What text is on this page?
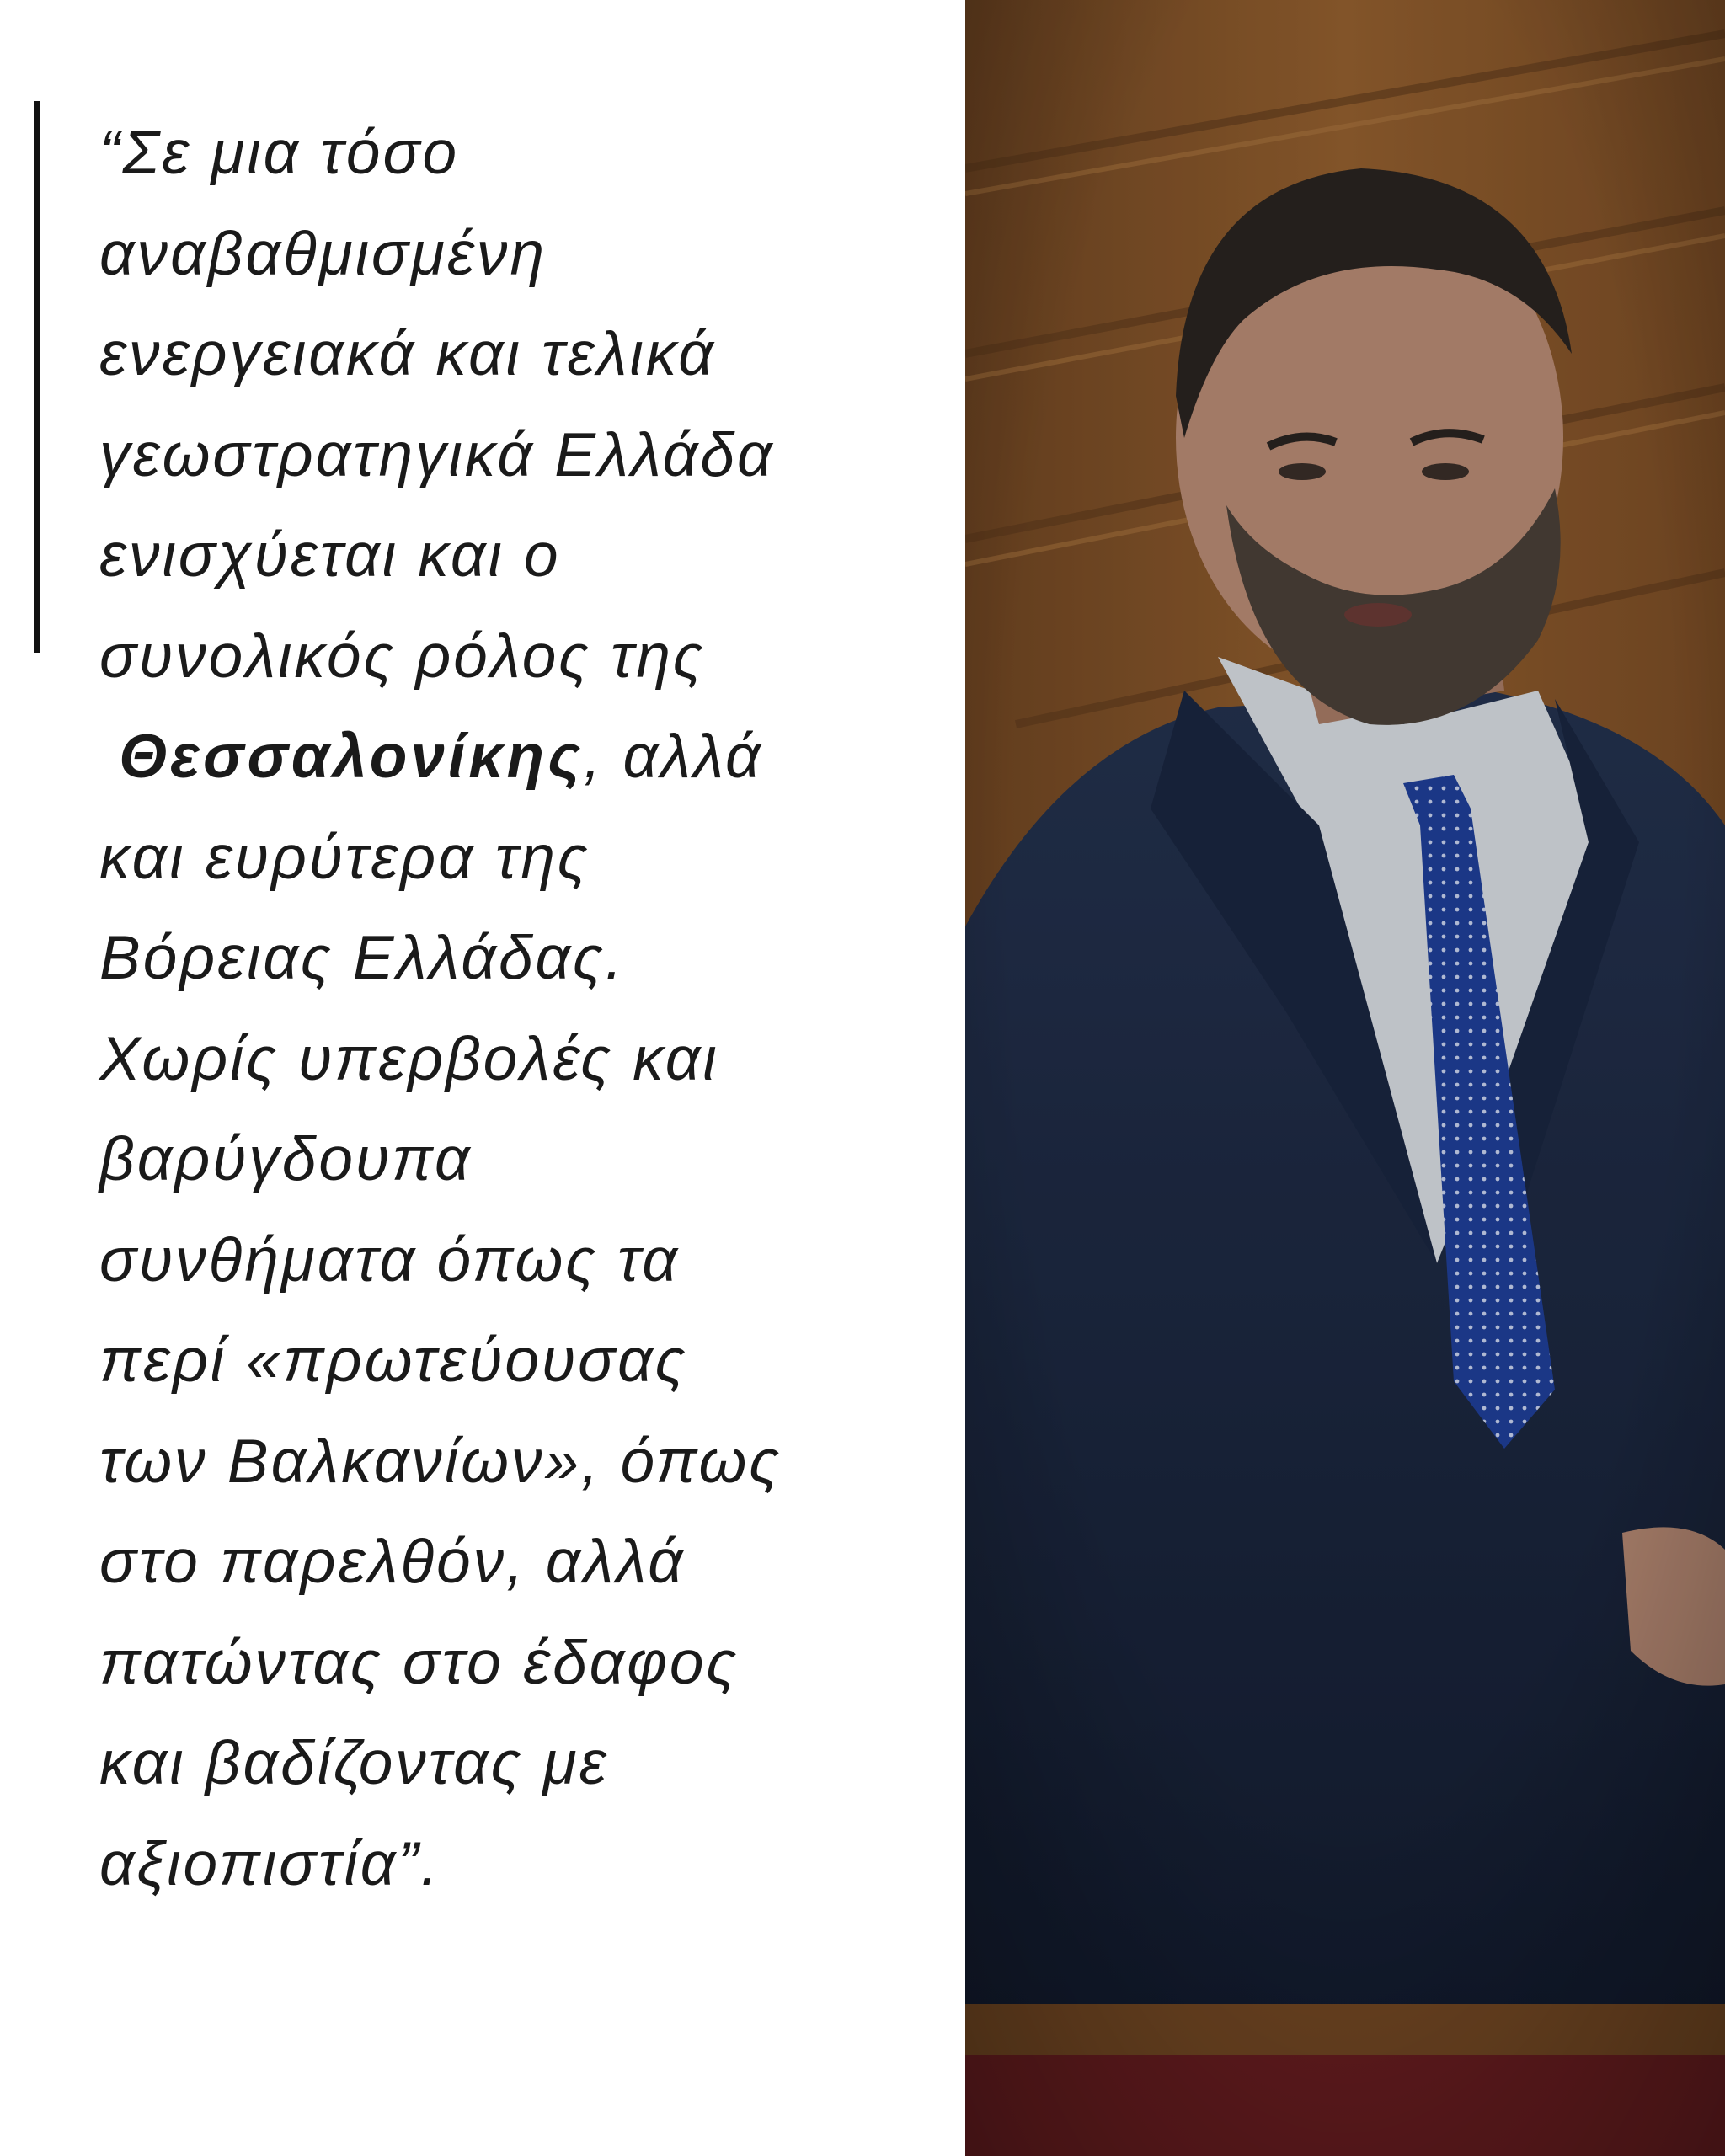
“Σε μια τόσο
αναβαθμισμένη
ενεργειακά και τελικά
γεωστρατηγικά Ελλάδα
ενισχύεται και ο
συνολικός ρόλος της
Θεσσαλονίκης, αλλά
και ευρύτερα της
Βόρειας Ελλάδας.
Χωρίς υπερβολές και
βαρύγδουπα
συνθήματα όπως τα
περί «πρωτεύουσας
των Βαλκανίων», όπως
στο παρελθόν, αλλά
πατώντας στο έδαφος
και βαδίζοντας με
αξιοπιστία”.
